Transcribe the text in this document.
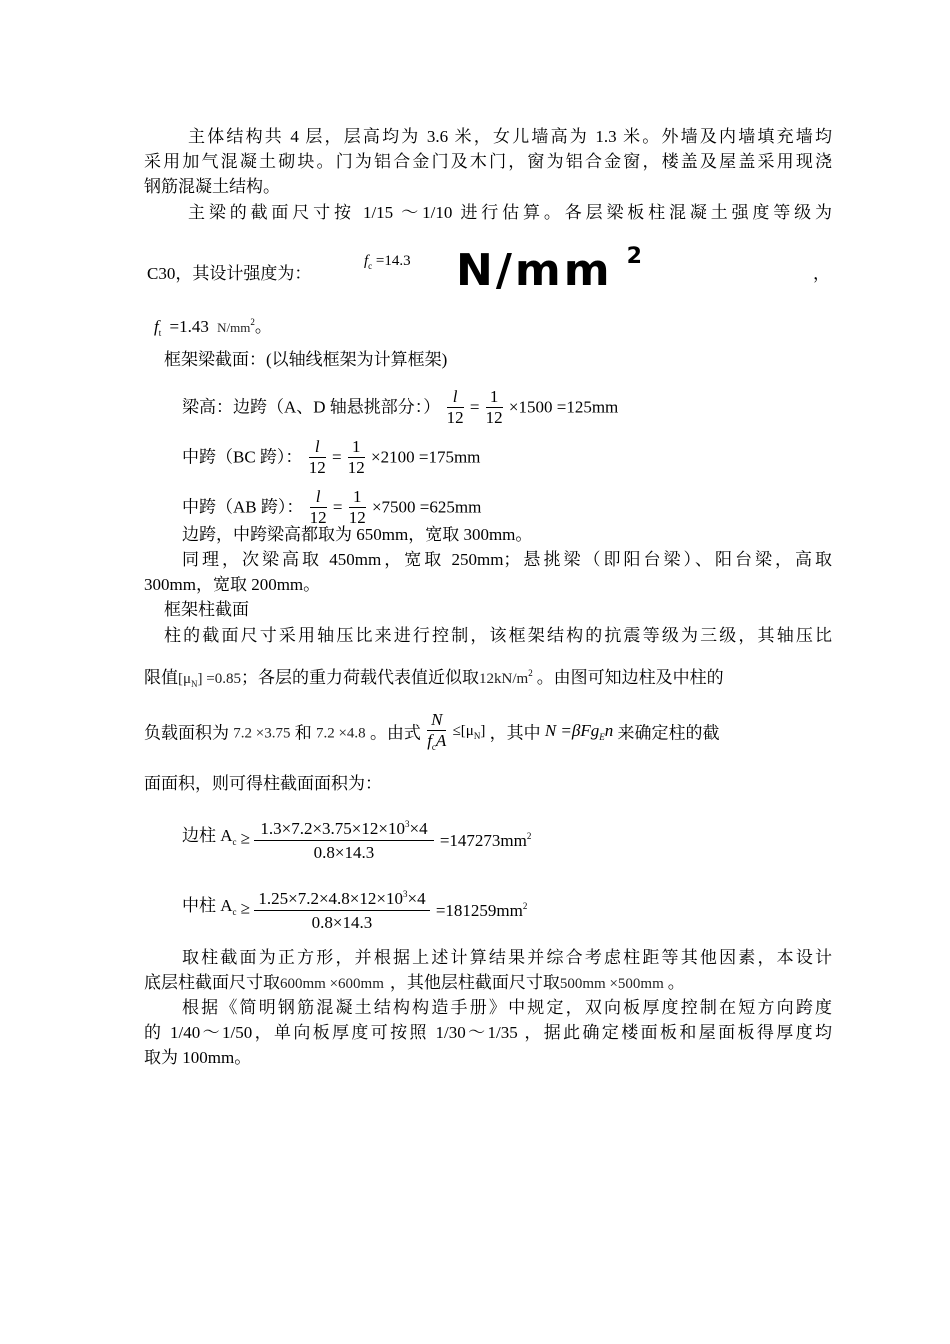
主体结构共 4 层，层高均为 3.6 米，女儿墙高为 1.3 米。外墙及内墙填充墙均
采用加气混凝土砌块。门为铝合金门及木门，窗为铝合金窗，楼盖及屋盖采用现浇
钢筋混凝土结构。
主梁的截面尺寸按 1/15 ～1/10 进行估算。各层梁板柱混凝土强度等级为
C30，其设计强度为：
$f_c =14.3$ N/mm $^2$
，
$f_t =1.43$ $N/mm^2$。
框架梁截面：(以轴线框架为计算框架)
梁高：边跨（A、D 轴悬挑部分：） $\frac{l}{12} = \frac{1}{12} \times 1500 =125mm$
中跨（BC 跨）： $\frac{l}{12} = \frac{1}{12} \times 2100 =175mm$
中跨（AB 跨）： $\frac{l}{12} = \frac{1}{12} \times 7500 =625mm$
边跨，中跨梁高都取为 650mm，宽取 300mm。
同理，次梁高取 450mm，宽取 250mm；悬挑梁（即阳台梁）、阳台梁，高取
300mm，宽取 200mm。
框架柱截面
柱的截面尺寸采用轴压比来进行控制，该框架结构的抗震等级为三级，其轴压比
限值$[\mu_N] =0.85$；各层的重力荷载代表值近似取$12kN/m^2$ 。由图可知边柱及中柱的
负载面积为 7.2 ×3.75 和 7.2 ×4.8 。由式 $\frac{N}{f_cA} \le[\mu_N]$ ，其中 N =βFg$_E$n 来确定柱的截
面面积，则可得柱截面面积为：
边柱 $A_c \ge \frac{1.3\times 7.2\times 3.75\times 12\times 10^3\times 4}{0.8\times 14.3} =147273mm^2$
中柱 $A_c \ge \frac{1.25\times 7.2\times 4.8\times 12\times 10^3\times 4}{0.8\times 14.3} =181259mm^2$
取柱截面为正方形，并根据上述计算结果并综合考虑柱距等其他因素，本设计
底层柱截面尺寸取600mm ×600mm ，其他层柱截面尺寸取500mm ×500mm 。
根据《简明钢筋混凝土结构构造手册》中规定，双向板厚度控制在短方向跨度
的 1/40～1/50，单向板厚度可按照 1/30～1/35 ，据此确定楼面板和屋面板得厚度均
取为 100mm。
